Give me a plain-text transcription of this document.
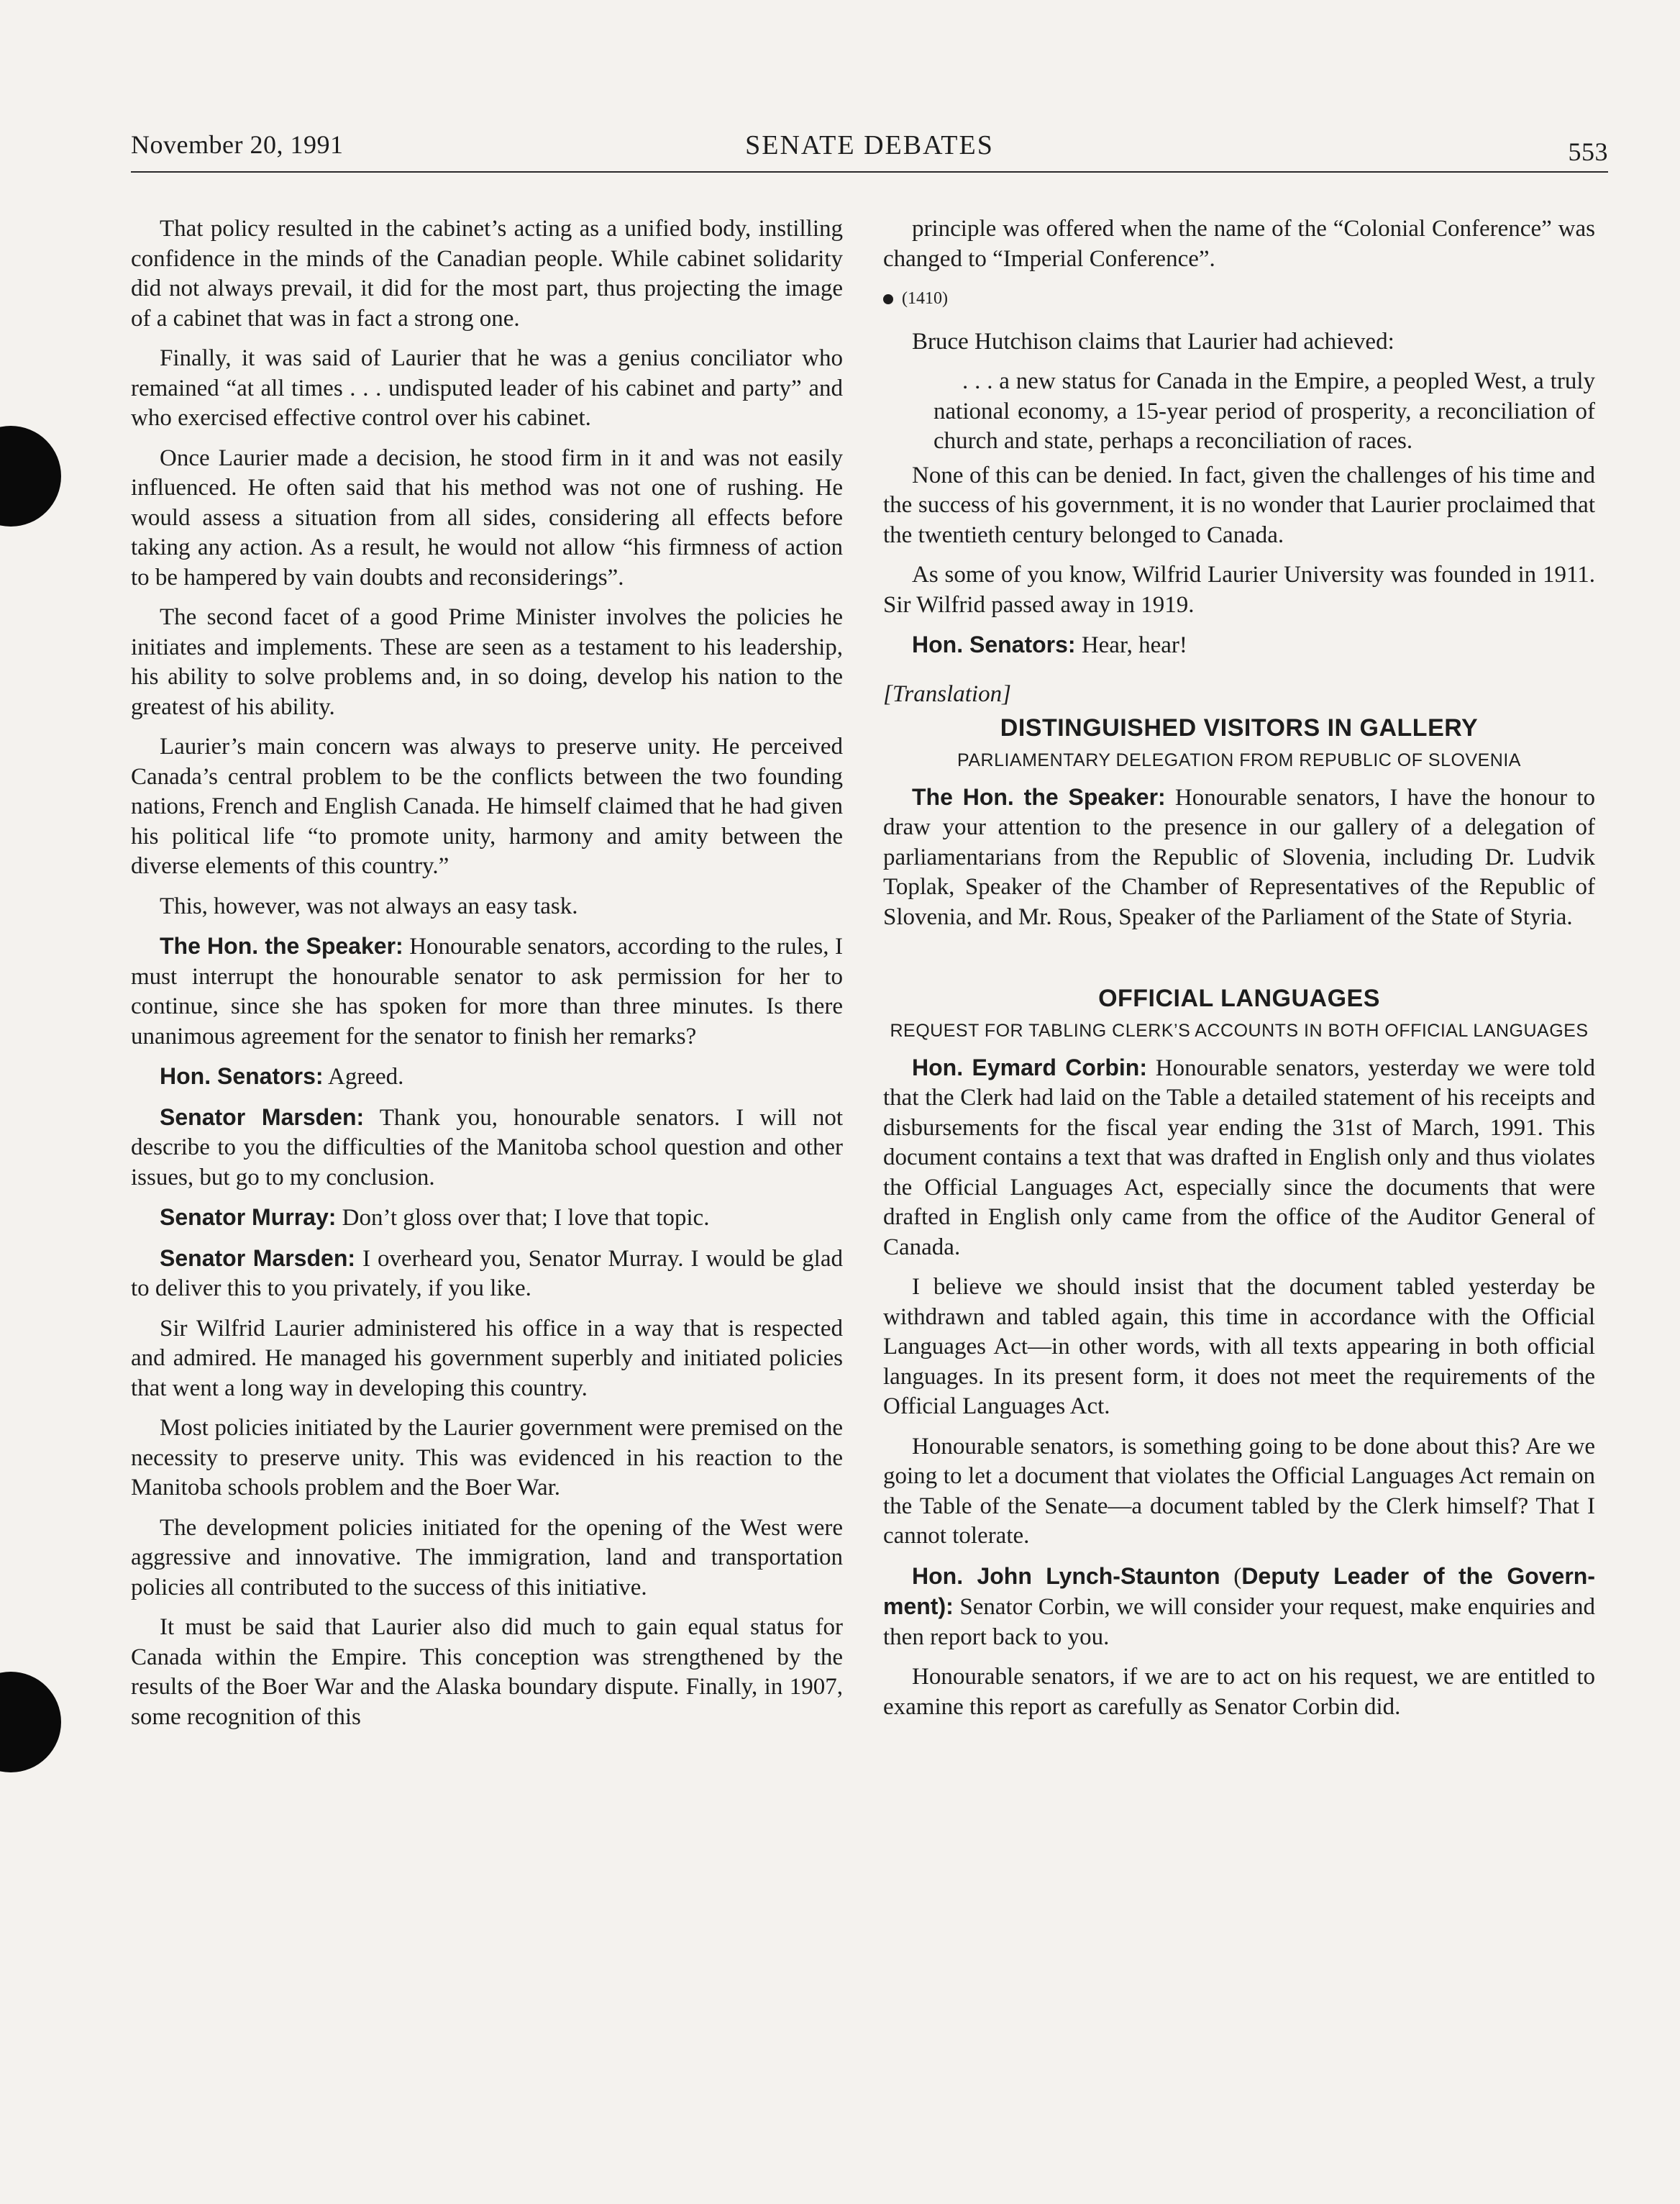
November 20, 1991	SENATE DEBATES	553

That policy resulted in the cabinet’s acting as a unified body, instilling confidence in the minds of the Canadian people. While cabinet solidarity did not always prevail, it did for the most part, thus projecting the image of a cabinet that was in fact a strong one.

Finally, it was said of Laurier that he was a genius conciliator who remained “at all times . . . undisputed leader of his cabinet and party” and who exercised effective control over his cabinet.

Once Laurier made a decision, he stood firm in it and was not easily influenced. He often said that his method was not one of rushing. He would assess a situation from all sides, considering all effects before taking any action. As a result, he would not allow “his firmness of action to be hampered by vain doubts and reconsiderings”.

The second facet of a good Prime Minister involves the policies he initiates and implements. These are seen as a testament to his leadership, his ability to solve problems and, in so doing, develop his nation to the greatest of his ability.

Laurier’s main concern was always to preserve unity. He perceived Canada’s central problem to be the conflicts between the two founding nations, French and English Canada. He himself claimed that he had given his political life “to promote unity, harmony and amity between the diverse elements of this country.”

This, however, was not always an easy task.

The Hon. the Speaker: Honourable senators, according to the rules, I must interrupt the honourable senator to ask permission for her to continue, since she has spoken for more than three minutes. Is there unanimous agreement for the senator to finish her remarks?

Hon. Senators: Agreed.

Senator Marsden: Thank you, honourable senators. I will not describe to you the difficulties of the Manitoba school question and other issues, but go to my conclusion.

Senator Murray: Don’t gloss over that; I love that topic.

Senator Marsden: I overheard you, Senator Murray. I would be glad to deliver this to you privately, if you like.

Sir Wilfrid Laurier administered his office in a way that is respected and admired. He managed his government superbly and initiated policies that went a long way in developing this country.

Most policies initiated by the Laurier government were premised on the necessity to preserve unity. This was evidenced in his reaction to the Manitoba schools problem and the Boer War.

The development policies initiated for the opening of the West were aggressive and innovative. The immigration, land and transportation policies all contributed to the success of this initiative.

It must be said that Laurier also did much to gain equal status for Canada within the Empire. This conception was strengthened by the results of the Boer War and the Alaska boundary dispute. Finally, in 1907, some recognition of this

principle was offered when the name of the “Colonial Conference” was changed to “Imperial Conference”.

(1410)

Bruce Hutchison claims that Laurier had achieved:

. . . a new status for Canada in the Empire, a peopled West, a truly national economy, a 15-year period of prosperity, a reconciliation of church and state, perhaps a reconciliation of races.

None of this can be denied. In fact, given the challenges of his time and the success of his government, it is no wonder that Laurier proclaimed that the twentieth century belonged to Canada.

As some of you know, Wilfrid Laurier University was founded in 1911. Sir Wilfrid passed away in 1919.

Hon. Senators: Hear, hear!

[Translation]
DISTINGUISHED VISITORS IN GALLERY
PARLIAMENTARY DELEGATION FROM REPUBLIC OF SLOVENIA

The Hon. the Speaker: Honourable senators, I have the honour to draw your attention to the presence in our gallery of a delegation of parliamentarians from the Republic of Slovenia, including Dr. Ludvik Toplak, Speaker of the Chamber of Representatives of the Republic of Slovenia, and Mr. Rous, Speaker of the Parliament of the State of Styria.

OFFICIAL LANGUAGES
REQUEST FOR TABLING CLERK’S ACCOUNTS IN BOTH OFFICIAL LANGUAGES

Hon. Eymard Corbin: Honourable senators, yesterday we were told that the Clerk had laid on the Table a detailed statement of his receipts and disbursements for the fiscal year ending the 31st of March, 1991. This document contains a text that was drafted in English only and thus violates the Official Languages Act, especially since the documents that were drafted in English only came from the office of the Auditor General of Canada.

I believe we should insist that the document tabled yesterday be withdrawn and tabled again, this time in accordance with the Official Languages Act—in other words, with all texts appearing in both official languages. In its present form, it does not meet the requirements of the Official Languages Act.

Honourable senators, is something going to be done about this? Are we going to let a document that violates the Official Languages Act remain on the Table of the Senate—a document tabled by the Clerk himself? That I cannot tolerate.

Hon. John Lynch-Staunton (Deputy Leader of the Government): Senator Corbin, we will consider your request, make enquiries and then report back to you.

Honourable senators, if we are to act on his request, we are entitled to examine this report as carefully as Senator Corbin did.
